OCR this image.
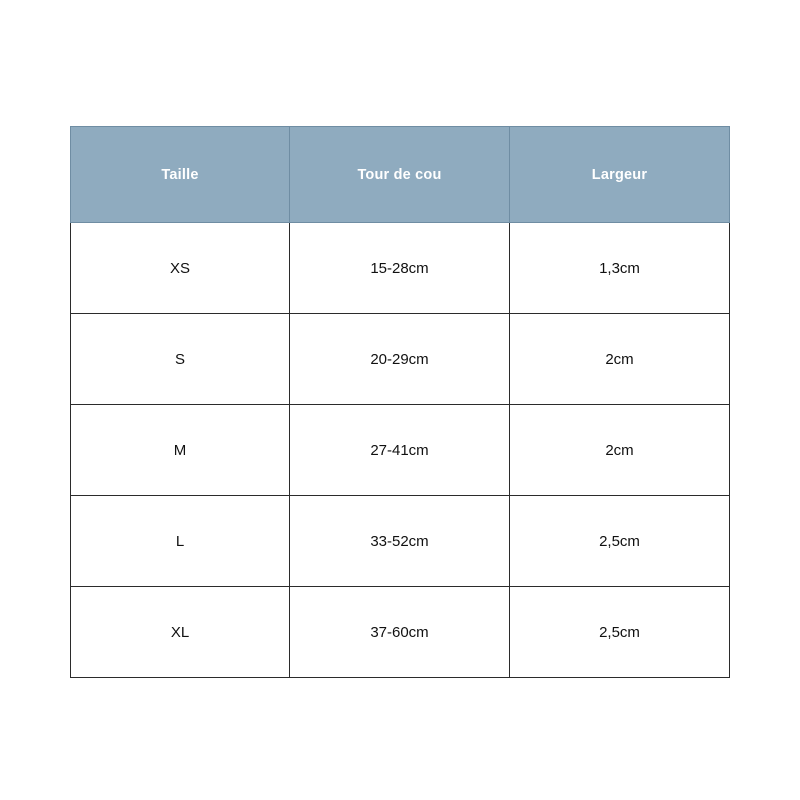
Taille	Tour de cou	Largeur
XS	15-28cm	1,3cm
S	20-29cm	2cm
M	27-41cm	2cm
L	33-52cm	2,5cm
XL	37-60cm	2,5cm
